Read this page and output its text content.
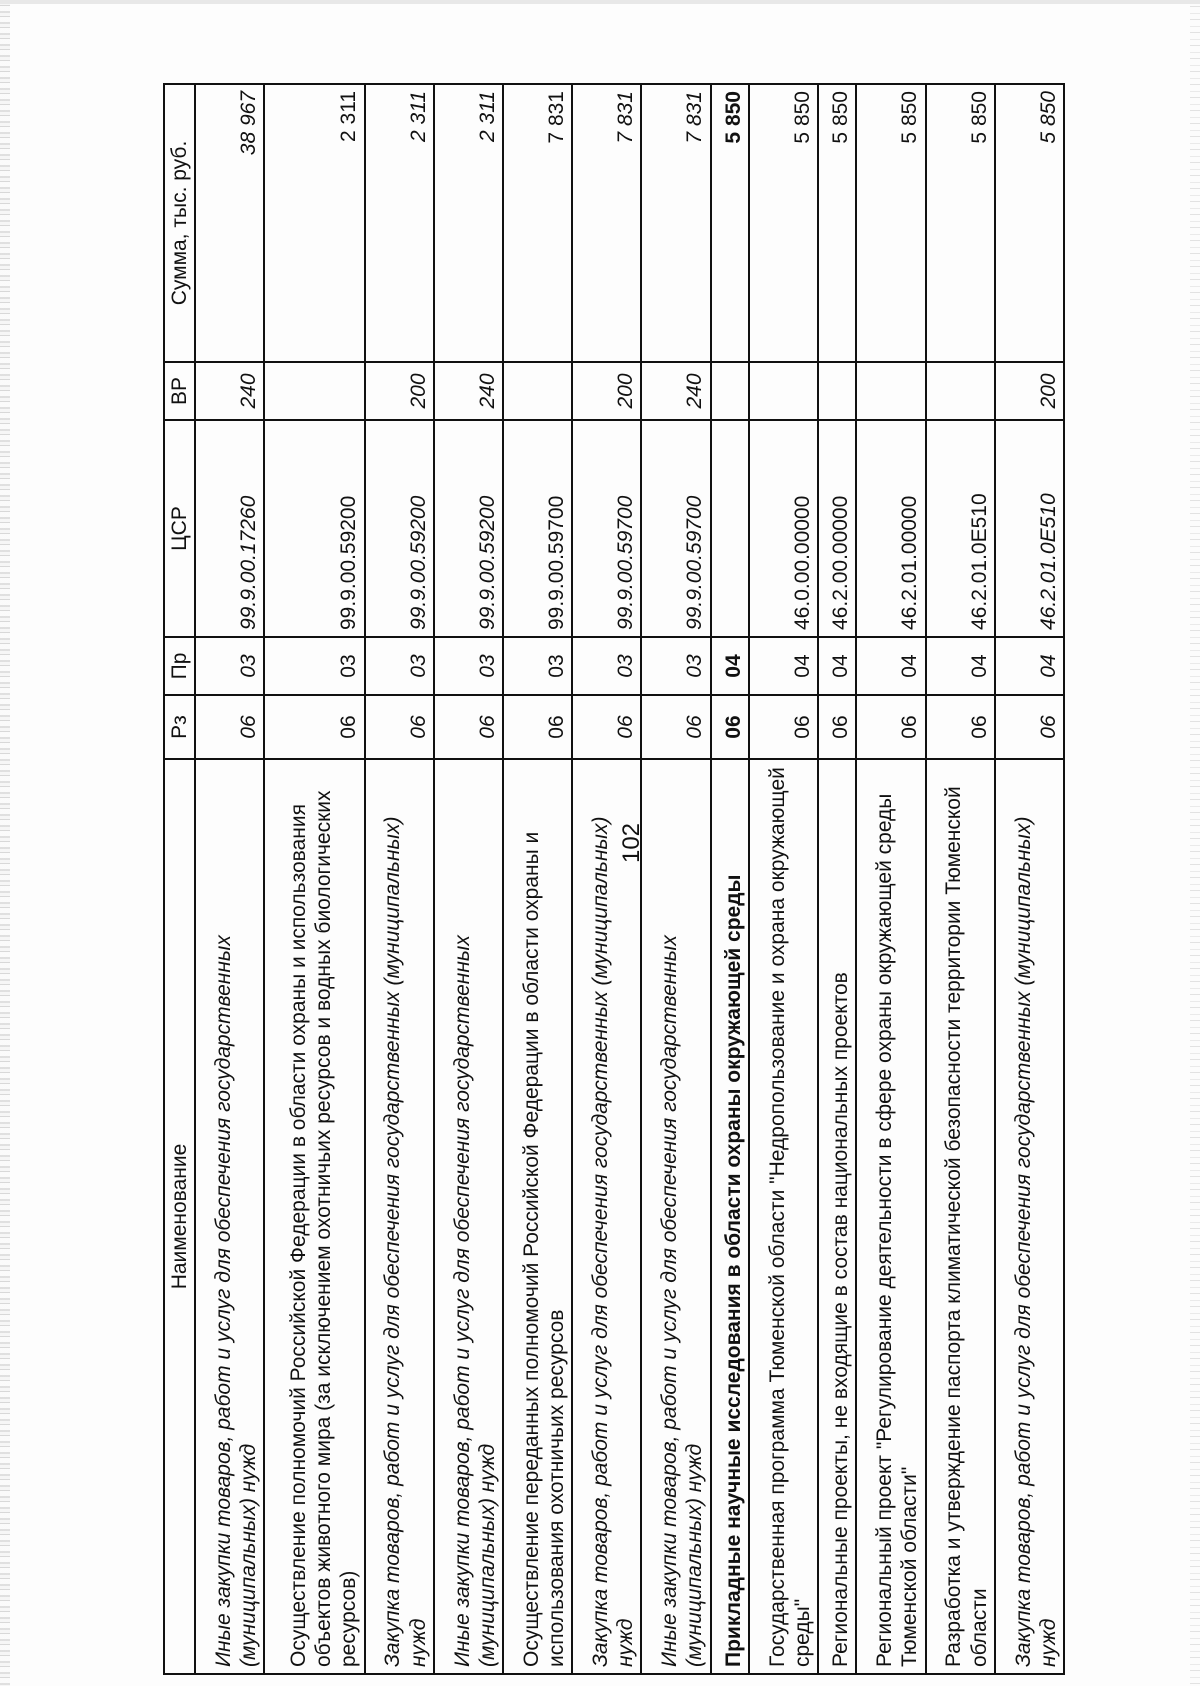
102
Наименование	Рз	Пр	ЦСР	ВР	Сумма, тыс. руб.
Иные закупки товаров, работ и услуг для обеспечения государственных (муниципальных) нужд	06	03	99.9.00.17260	240	38 967
Осуществление полномочий Российской Федерации в области охраны и использования объектов животного мира (за исключением охотничьих ресурсов и водных биологических ресурсов)	06	03	99.9.00.59200		2 311
Закупка товаров, работ и услуг для обеспечения государственных (муниципальных) нужд	06	03	99.9.00.59200	200	2 311
Иные закупки товаров, работ и услуг для обеспечения государственных (муниципальных) нужд	06	03	99.9.00.59200	240	2 311
Осуществление переданных полномочий Российской Федерации в области охраны и использования охотничьих ресурсов	06	03	99.9.00.59700		7 831
Закупка товаров, работ и услуг для обеспечения государственных (муниципальных) нужд	06	03	99.9.00.59700	200	7 831
Иные закупки товаров, работ и услуг для обеспечения государственных (муниципальных) нужд	06	03	99.9.00.59700	240	7 831
Прикладные научные исследования в области охраны окружающей среды	06	04			5 850
Государственная программа Тюменской области "Недропользование и охрана окружающей среды"	06	04	46.0.00.00000		5 850
Региональные проекты, не входящие в состав национальных проектов	06	04	46.2.00.00000		5 850
Региональный проект "Регулирование деятельности в сфере охраны окружающей среды Тюменской области"	06	04	46.2.01.00000		5 850
Разработка и утверждение паспорта климатической безопасности территории Тюменской области	06	04	46.2.01.0Е510		5 850
Закупка товаров, работ и услуг для обеспечения государственных (муниципальных) нужд	06	04	46.2.01.0Е510	200	5 850
